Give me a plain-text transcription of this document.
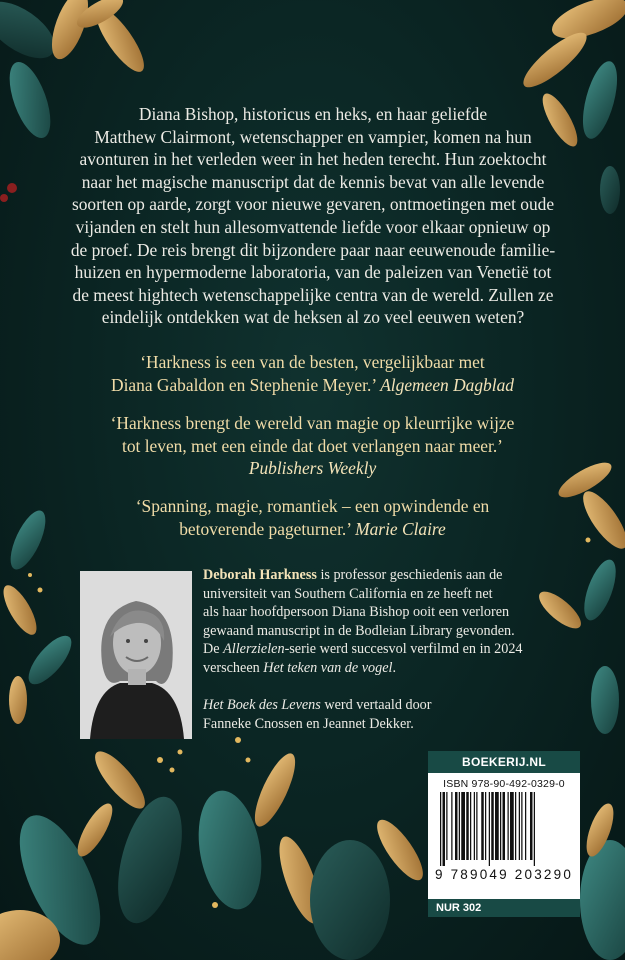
Diana Bishop, historicus en heks, en haar geliefde
Matthew Clairmont, wetenschapper en vampier, komen na hun
avonturen in het verleden weer in het heden terecht. Hun zoektocht
naar het magische manuscript dat de kennis bevat van alle levende
soorten op aarde, zorgt voor nieuwe gevaren, ontmoetingen met oude
vijanden en stelt hun allesomvattende liefde voor elkaar opnieuw op
de proef. De reis brengt dit bijzondere paar naar eeuwenoude familie-
huizen en hypermoderne laboratoria, van de paleizen van Venetië tot
de meest hightech wetenschappelijke centra van de wereld. Zullen ze
eindelijk ontdekken wat de heksen al zo veel eeuwen weten?
‘Harkness is een van de besten, vergelijkbaar met
Diana Gabaldon en Stephenie Meyer.’ Algemeen Dagblad
‘Harkness brengt de wereld van magie op kleurrijke wijze
tot leven, met een einde dat doet verlangen naar meer.’
Publishers Weekly
‘Spanning, magie, romantiek – een opwindende en
betoverende pageturner.’ Marie Claire
Deborah Harkness is professor geschiedenis aan de
universiteit van Southern California en ze heeft net
als haar hoofdpersoon Diana Bishop ooit een verloren
gewaand manuscript in de Bodleian Library gevonden.
De Allerzielen-serie werd succesvol verfilmd en in 2024
verscheen Het teken van de vogel.
Het Boek des Levens werd vertaald door
Fanneke Cnossen en Jeannet Dekker.
BOEKERIJ.NL
ISBN 978-90-492-0329-0
9 789049 203290
NUR 302
